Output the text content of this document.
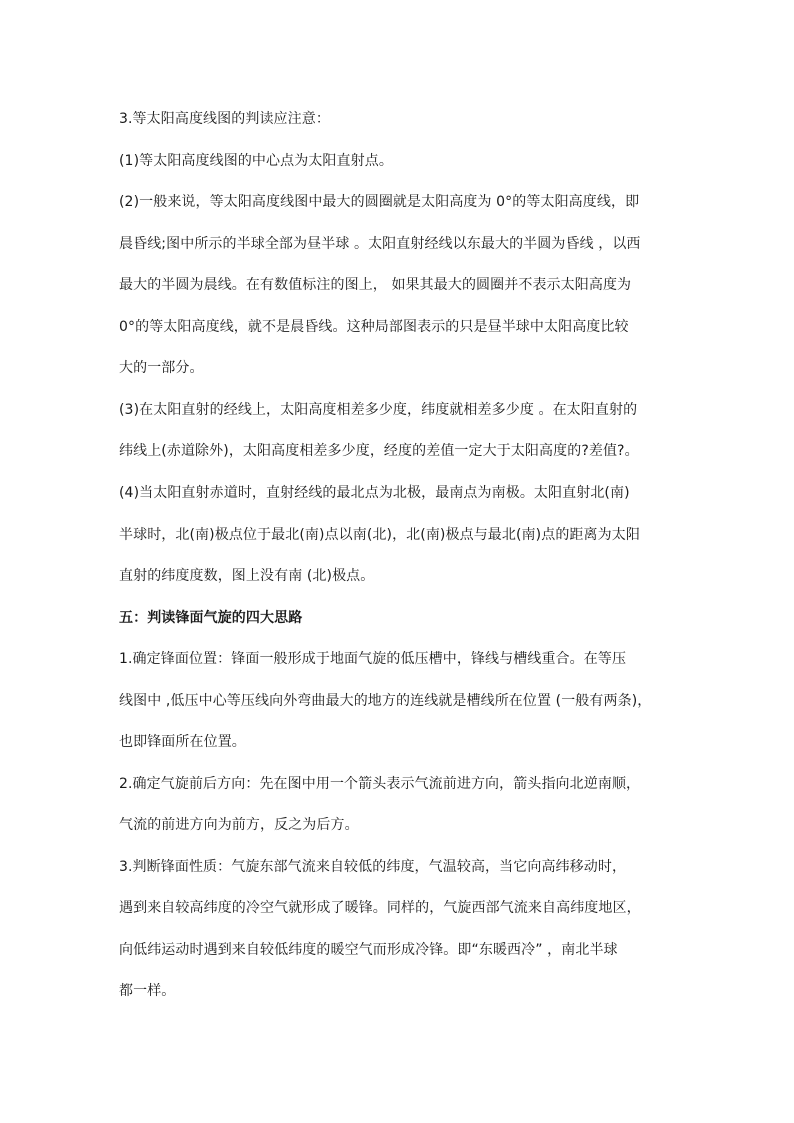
3.等太阳高度线图的判读应注意：
(1)等太阳高度线图的中心点为太阳直射点。
(2)一般来说，等太阳高度线图中最大的圆圈就是太阳高度为 0°的等太阳高度线，即
晨昏线;图中所示的半球全部为昼半球 。太阳直射经线以东最大的半圆为昏线 ，以西
最大的半圆为晨线。在有数值标注的图上， 如果其最大的圆圈并不表示太阳高度为
0°的等太阳高度线，就不是晨昏线。这种局部图表示的只是昼半球中太阳高度比较
大的一部分。
(3)在太阳直射的经线上，太阳高度相差多少度，纬度就相差多少度 。在太阳直射的
纬线上(赤道除外)，太阳高度相差多少度，经度的差值一定大于太阳高度的?差值?。
(4)当太阳直射赤道时，直射经线的最北点为北极，最南点为南极。太阳直射北(南)
半球时，北(南)极点位于最北(南)点以南(北)，北(南)极点与最北(南)点的距离为太阳
直射的纬度度数，图上没有南 (北)极点。
五：判读锋面气旋的四大思路
1.确定锋面位置：锋面一般形成于地面气旋的低压槽中，锋线与槽线重合。在等压
线图中 ,低压中心等压线向外弯曲最大的地方的连线就是槽线所在位置 (一般有两条)，
也即锋面所在位置。
2.确定气旋前后方向：先在图中用一个箭头表示气流前进方向，箭头指向北逆南顺，
气流的前进方向为前方，反之为后方。
3.判断锋面性质：气旋东部气流来自较低的纬度，气温较高，当它向高纬移动时，
遇到来自较高纬度的冷空气就形成了暖锋。同样的，气旋西部气流来自高纬度地区，
向低纬运动时遇到来自较低纬度的暖空气而形成冷锋。即“东暖西冷” ，南北半球
都一样。
